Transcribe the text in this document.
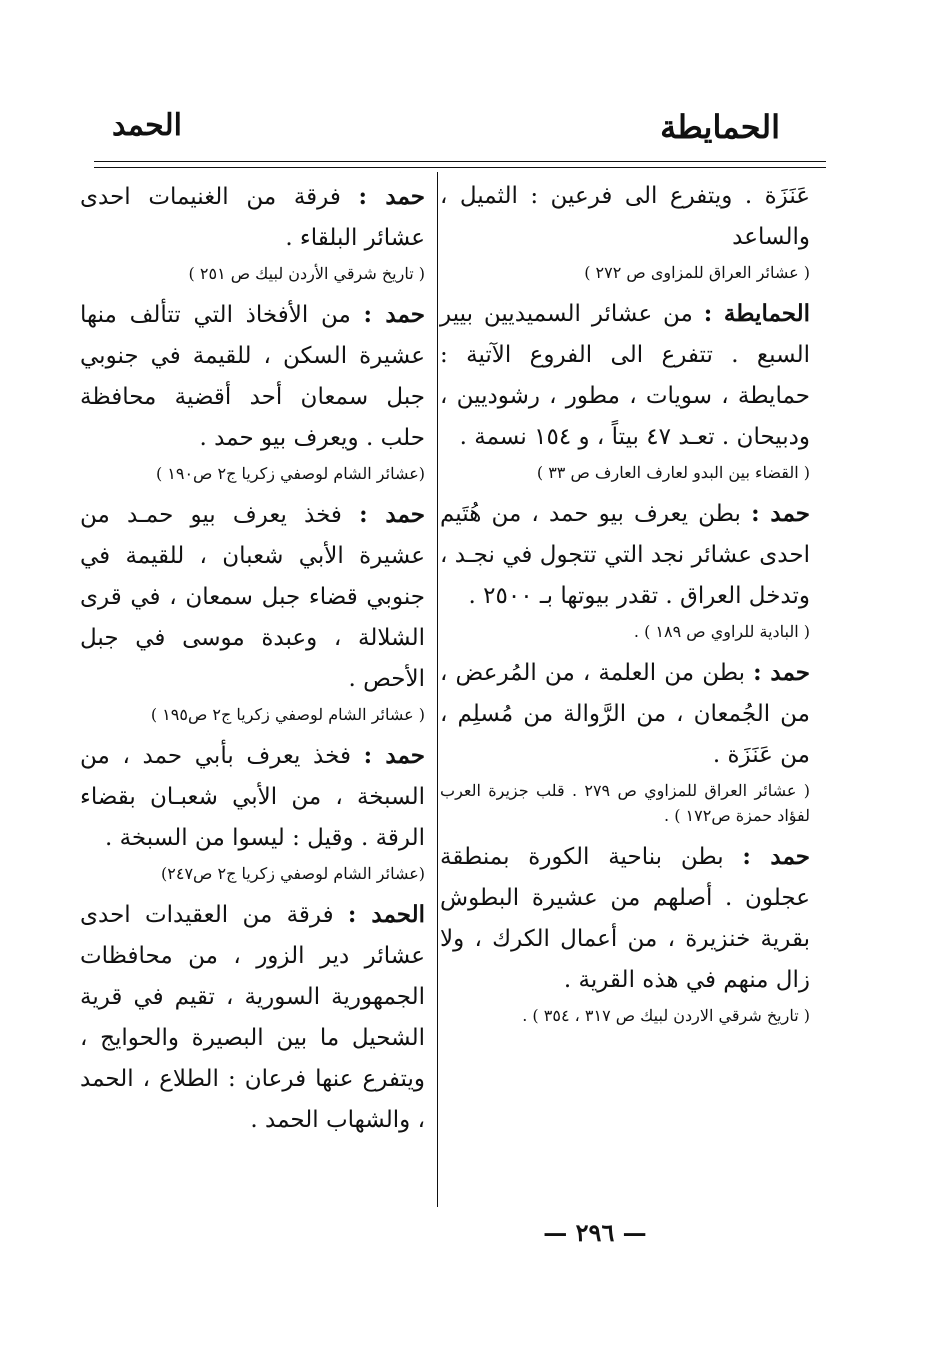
الحمايطة
الحمد

عَنَزَة . ويتفرع الى فرعين : الثميل ، والساعد

( عشائر العراق للمزاوى ص ٢٧٢ )

الحمايطة : من عشائر السميديين بيير السبع . تتفرع الى الفروع الآتية : حمايطة ، سويات ، مطور ، رشوديين ، ودبيحان . تعـد ٤٧ بيتاً ، و ١٥٤ نسمة .

( القضاء بين البدو لعارف العارف ص ٣٣ )

حمد : بطن يعرف بيو حمد ، من هُتَيم احدى عشائر نجد التي تتجول في نجـد ، وتدخل العراق . تقدر بيوتها بـ ٢٥٠٠ .

( البادية للراوي ص ١٨٩ ) .

حمد : بطن من العلمة ، من المُرعض ، من الجُمعان ، من الرَّوالة من مُسلِم ، من عَنَزَة .

( عشائر العراق للمزاوي ص ٢٧٩ . قلب جزيرة العرب لفؤاد حمزة ص١٧٢ ) .

حمد : بطن بناحية الكورة بمنطقة عجلون . أصلهم من عشيرة البطوش بقرية خنزيرة ، من أعمال الكرك ، ولا زال منهم في هذه القرية .

( تاريخ شرقي الاردن لبيك ص ٣١٧ ، ٣٥٤ ) .

حمد : فرقة من الغنيمات احدى عشائر البلقاء .

( تاريخ شرقي الأردن لبيك ص ٢٥١ )

حمد : من الأفخاذ التي تتألف منها عشيرة السكن ، للقيمة في جنوبي جبل سمعان أحد أقضية محافظة حلب . ويعرف بيو حمد .

(عشائر الشام لوصفي زكريا ج٢ ص١٩٠ )

حمد : فخذ يعرف بيو حمـد من عشيرة الأبي شعبان ، للقيمة في جنوبي قضاء جبل سمعان ، في قرى الشلالة ، وعبدة موسى في جبل الأحص .

( عشائر الشام لوصفي زكريا ج٢ ص١٩٥ )

حمد : فخذ يعرف بأبي حمد ، من السبخة ، من الأبي شعبـان بقضاء الرقة . وقيل : ليسوا من السبخة .

(عشائر الشام لوصفي زكريا ج٢ ص٢٤٧)

الحمد : فرقة من العقيدات احدى عشائر دير الزور ، من محافظات الجمهورية السورية ، تقيم في قرية الشحيل ما بين البصيرة والحوايج ، ويتفرع عنها فرعان : الطلاع ، الحمد ، والشهاب الحمد .

— ٢٩٦ —
